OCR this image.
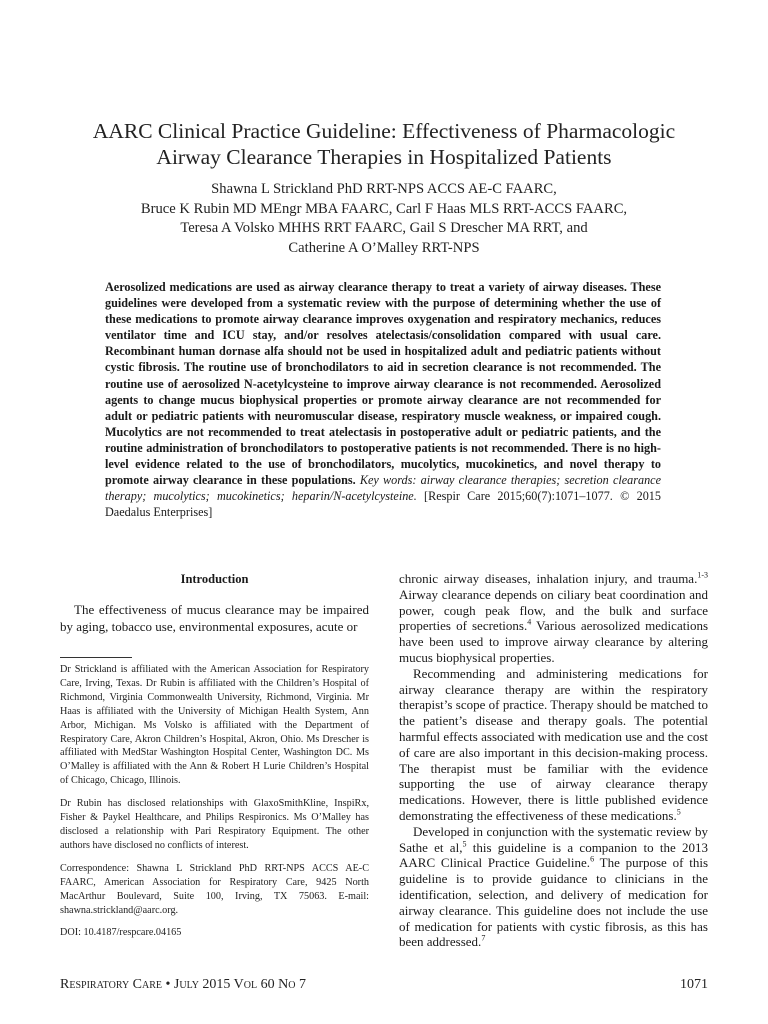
AARC Clinical Practice Guideline: Effectiveness of Pharmacologic
Airway Clearance Therapies in Hospitalized Patients
Shawna L Strickland PhD RRT-NPS ACCS AE-C FAARC,
Bruce K Rubin MD MEngr MBA FAARC, Carl F Haas MLS RRT-ACCS FAARC,
Teresa A Volsko MHHS RRT FAARC, Gail S Drescher MA RRT, and
Catherine A O’Malley RRT-NPS
Aerosolized medications are used as airway clearance therapy to treat a variety of airway diseases. These guidelines were developed from a systematic review with the purpose of determining whether the use of these medications to promote airway clearance improves oxygenation and respiratory mechanics, reduces ventilator time and ICU stay, and/or resolves atelectasis/consolidation compared with usual care. Recombinant human dornase alfa should not be used in hospitalized adult and pediatric patients without cystic fibrosis. The routine use of bronchodilators to aid in secretion clearance is not recommended. The routine use of aerosolized N-acetylcysteine to improve airway clearance is not recommended. Aerosolized agents to change mucus biophysical properties or promote airway clearance are not recommended for adult or pediatric patients with neuromuscular disease, respiratory muscle weakness, or impaired cough. Mucolytics are not recommended to treat atelectasis in postoperative adult or pediatric patients, and the routine administration of bronchodilators to postoperative patients is not recommended. There is no high-level evidence related to the use of bronchodilators, mucolytics, mucokinetics, and novel therapy to promote airway clearance in these populations. Key words: airway clearance therapies; secretion clearance therapy; mucolytics; mucokinetics; heparin/N-acetylcysteine. [Respir Care 2015;60(7):1071–1077. © 2015 Daedalus Enterprises]
Introduction

The effectiveness of mucus clearance may be impaired by aging, tobacco use, environmental exposures, acute or

Dr Strickland is affiliated with the American Association for Respiratory Care, Irving, Texas. Dr Rubin is affiliated with the Children’s Hospital of Richmond, Virginia Commonwealth University, Richmond, Virginia. Mr Haas is affiliated with the University of Michigan Health System, Ann Arbor, Michigan. Ms Volsko is affiliated with the Department of Respiratory Care, Akron Children’s Hospital, Akron, Ohio. Ms Drescher is affiliated with MedStar Washington Hospital Center, Washington DC. Ms O’Malley is affiliated with the Ann & Robert H Lurie Children’s Hospital of Chicago, Chicago, Illinois.

Dr Rubin has disclosed relationships with GlaxoSmithKline, InspiRx, Fisher & Paykel Healthcare, and Philips Respironics. Ms O’Malley has disclosed a relationship with Pari Respiratory Equipment. The other authors have disclosed no conflicts of interest.

Correspondence: Shawna L Strickland PhD RRT-NPS ACCS AE-C FAARC, American Association for Respiratory Care, 9425 North MacArthur Boulevard, Suite 100, Irving, TX 75063. E-mail: shawna.strickland@aarc.org.

DOI: 10.4187/respcare.04165

chronic airway diseases, inhalation injury, and trauma.$^{1-3}$ Airway clearance depends on ciliary beat coordination and power, cough peak flow, and the bulk and surface properties of secretions.$^4$ Various aerosolized medications have been used to improve airway clearance by altering mucus biophysical properties.

Recommending and administering medications for airway clearance therapy are within the respiratory therapist’s scope of practice. Therapy should be matched to the patient’s disease and therapy goals. The potential harmful effects associated with medication use and the cost of care are also important in this decision-making process. The therapist must be familiar with the evidence supporting the use of airway clearance therapy medications. However, there is little published evidence demonstrating the effectiveness of these medications.$^5$

Developed in conjunction with the systematic review by Sathe et al,$^5$ this guideline is a companion to the 2013 AARC Clinical Practice Guideline.$^6$ The purpose of this guideline is to provide guidance to clinicians in the identification, selection, and delivery of medication for airway clearance. This guideline does not include the use of medication for patients with cystic fibrosis, as this has been addressed.$^7$

Respiratory Care • July 2015 Vol 60 No 7	1071
